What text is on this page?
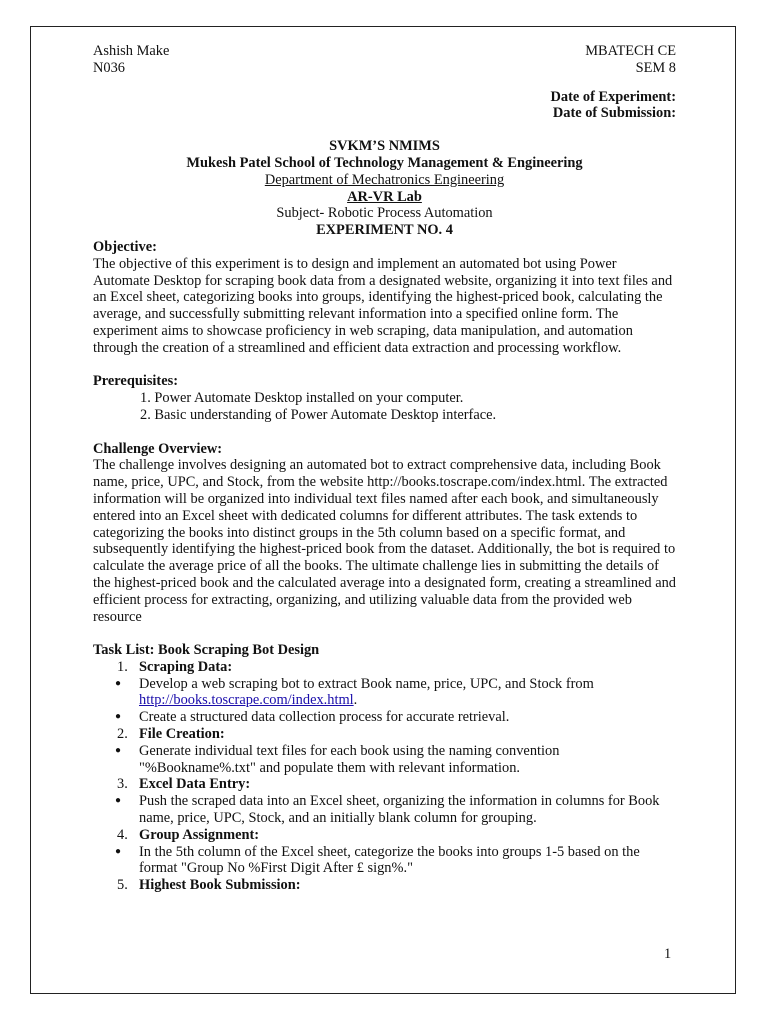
Ashish Make	MBATECH CE
N036	SEM 8
Date of Experiment:
Date of Submission:
SVKM’S NMIMS
Mukesh Patel School of Technology Management & Engineering
Department of Mechatronics Engineering
AR-VR Lab
Subject- Robotic Process Automation
EXPERIMENT NO. 4
Objective:

The objective of this experiment is to design and implement an automated bot using Power Automate Desktop for scraping book data from a designated website, organizing it into text files and an Excel sheet, categorizing books into groups, identifying the highest-priced book, calculating the average, and successfully submitting relevant information into a specified online form. The experiment aims to showcase proficiency in web scraping, data manipulation, and automation through the creation of a streamlined and efficient data extraction and processing workflow.

Prerequisites:
1. Power Automate Desktop installed on your computer.
2. Basic understanding of Power Automate Desktop interface.
Challenge Overview:

The challenge involves designing an automated bot to extract comprehensive data, including Book name, price, UPC, and Stock, from the website http://books.toscrape.com/index.html. The extracted information will be organized into individual text files named after each book, and simultaneously entered into an Excel sheet with dedicated columns for different attributes. The task extends to categorizing the books into distinct groups in the 5th column based on a specific format, and subsequently identifying the highest-priced book from the dataset. Additionally, the bot is required to calculate the average price of all the books. The ultimate challenge lies in submitting the details of the highest-priced book and the calculated average into a designated form, creating a streamlined and efficient process for extracting, organizing, and utilizing valuable data from the provided web resource

Task List: Book Scraping Bot Design
1. Scraping Data:
● Develop a web scraping bot to extract Book name, price, UPC, and Stock from http://books.toscrape.com/index.html.
● Create a structured data collection process for accurate retrieval.
2. File Creation:
● Generate individual text files for each book using the naming convention "%Bookname%.txt" and populate them with relevant information.
3. Excel Data Entry:
● Push the scraped data into an Excel sheet, organizing the information in columns for Book name, price, UPC, Stock, and an initially blank column for grouping.
4. Group Assignment:
● In the 5th column of the Excel sheet, categorize the books into groups 1-5 based on the format "Group No %First Digit After £ sign%."
5. Highest Book Submission:
1
